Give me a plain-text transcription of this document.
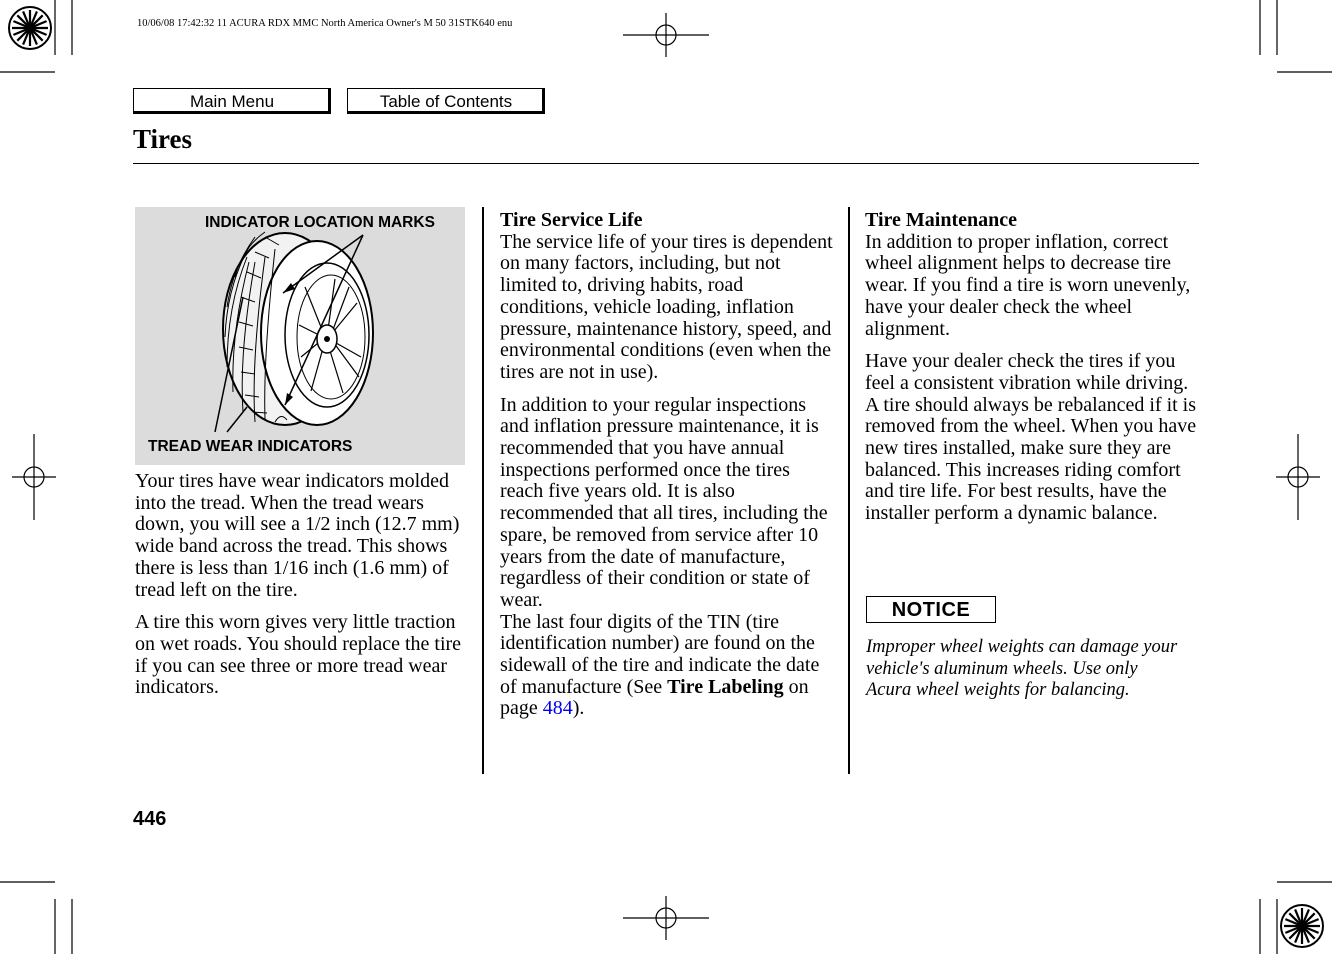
10/06/08 17:42:32 11 ACURA RDX MMC North America Owner's M 50 31STK640 enu
Main Menu	Table of Contents
Tires
INDICATOR LOCATION MARKS
TREAD WEAR INDICATORS

Your tires have wear indicators molded into the tread. When the tread wears down, you will see a 1/2 inch (12.7 mm) wide band across the tread. This shows there is less than 1/16 inch (1.6 mm) of tread left on the tire.

A tire this worn gives very little traction on wet roads. You should replace the tire if you can see three or more tread wear indicators.

Tire Service Life

The service life of your tires is dependent on many factors, including, but not limited to, driving habits, road conditions, vehicle loading, inflation pressure, maintenance history, speed, and environmental conditions (even when the tires are not in use).

In addition to your regular inspections and inflation pressure maintenance, it is recommended that you have annual inspections performed once the tires reach five years old. It is also recommended that all tires, including the spare, be removed from service after 10 years from the date of manufacture, regardless of their condition or state of wear.

The last four digits of the TIN (tire identification number) are found on the sidewall of the tire and indicate the date of manufacture (See Tire Labeling on page 484).

Tire Maintenance

In addition to proper inflation, correct wheel alignment helps to decrease tire wear. If you find a tire is worn unevenly, have your dealer check the wheel alignment.

Have your dealer check the tires if you feel a consistent vibration while driving. A tire should always be rebalanced if it is removed from the wheel. When you have new tires installed, make sure they are balanced. This increases riding comfort and tire life. For best results, have the installer perform a dynamic balance.

NOTICE
Improper wheel weights can damage your vehicle's aluminum wheels. Use only Acura wheel weights for balancing.
446
